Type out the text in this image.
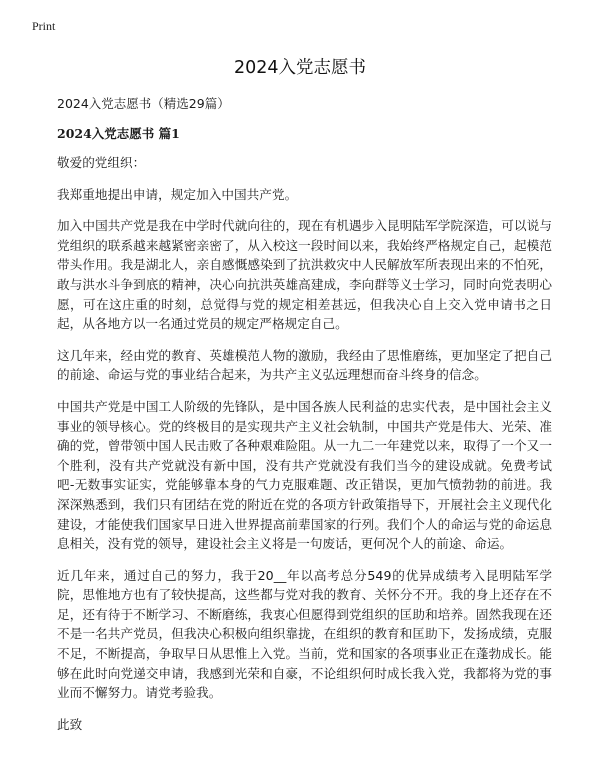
Print
2024入党志愿书

2024入党志愿书（精选29篇）

2024入党志愿书 篇1

敬爱的党组织：

我郑重地提出申请，规定加入中国共产党。

加入中国共产党是我在中学时代就向往的，现在有机遇步入昆明陆军学院深造，可以说与党组织的联系越来越紧密亲密了，从入校这一段时间以来，我始终严格规定自己，起模范带头作用。我是湖北人，亲自感慨感染到了抗洪救灾中人民解放军所表现出来的不怕死，敢与洪水斗争到底的精神，决心向抗洪英雄高建成，李向群等义士学习，同时向党表明心愿，可在这庄重的时刻，总觉得与党的规定相差甚远，但我决心自上交入党申请书之日起，从各地方以一名通过党员的规定严格规定自己。

这几年来，经由党的教育、英雄模范人物的激励，我经由了思惟磨练，更加坚定了把自己的前途、命运与党的事业结合起来，为共产主义弘远理想而奋斗终身的信念。

中国共产党是中国工人阶级的先锋队，是中国各族人民利益的忠实代表，是中国社会主义事业的领导核心。党的终极目的是实现共产主义社会轨制，中国共产党是伟大、光荣、准确的党，曾带领中国人民击败了各种艰难险阻。从一九二一年建党以来，取得了一个又一个胜利，没有共产党就没有新中国，没有共产党就没有我们当今的建设成就。免费考试吧-无数事实证实，党能够靠本身的气力克服难题、改正错误，更加气愤勃勃的前进。我深深熟悉到，我们只有团结在党的附近在党的各项方针政策指导下，开展社会主义现代化建设，才能使我们国家早日进入世界提高前辈国家的行列。我们个人的命运与党的命运息息相关，没有党的领导，建设社会主义将是一句废话，更何况个人的前途、命运。

近几年来，通过自己的努力，我于20__年以高考总分549的优异成绩考入昆明陆军学院，思惟地方也有了较快提高，这些都与党对我的教育、关怀分不开。我的身上还存在不足，还有待于不断学习、不断磨练，我衷心但愿得到党组织的匡助和培养。固然我现在还不是一名共产党员，但我决心积极向组织靠拢，在组织的教育和匡助下，发扬成绩，克服不足，不断提高，争取早日从思惟上入党。当前，党和国家的各项事业正在蓬勃成长。能够在此时向党递交申请，我感到光荣和自豪，不论组织何时成长我入党，我都将为党的事业而不懈努力。请党考验我。

此致
